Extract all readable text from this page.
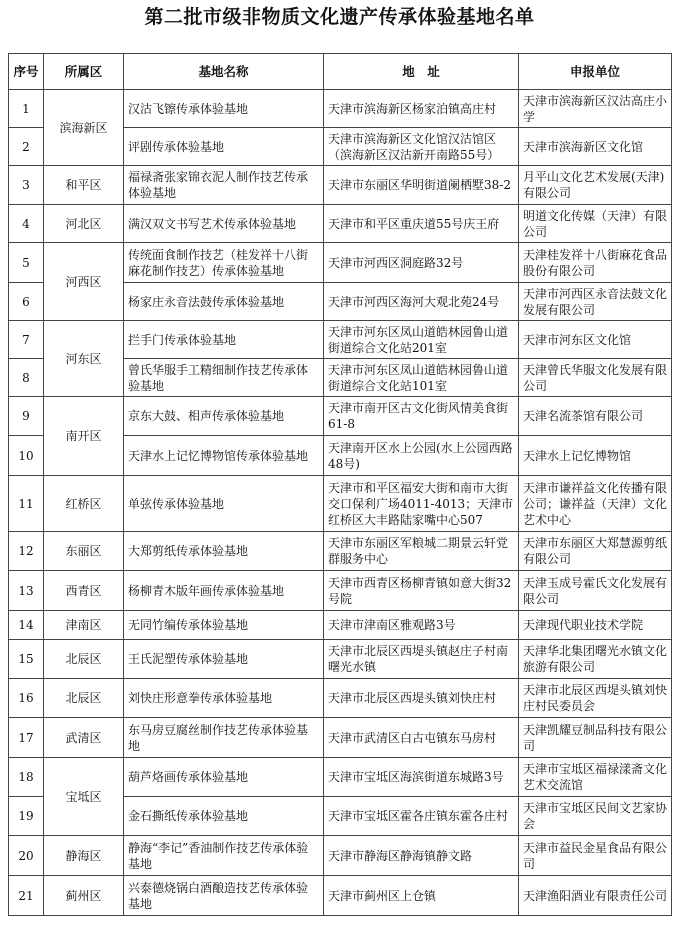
第二批市级非物质文化遗产传承体验基地名单
序号	所属区	基地名称	地　址	申报单位
1	滨海新区	汉沽飞镲传承体验基地	天津市滨海新区杨家泊镇高庄村	天津市滨海新区汉沽高庄小学
2		评剧传承体验基地	天津市滨海新区文化馆汉沽馆区（滨海新区汉沽新开南路55号）	天津市滨海新区文化馆
3	和平区	福禄斋张家锦衣泥人制作技艺传承体验基地	天津市东丽区华明街道阑栖墅38-2	月平山文化艺术发展(天津)有限公司
4	河北区	满汉双文书写艺术传承体验基地	天津市和平区重庆道55号庆王府	明道文化传媒（天津）有限公司
5	河西区	传统面食制作技艺（桂发祥十八街麻花制作技艺）传承体验基地	天津市河西区洞庭路32号	天津桂发祥十八街麻花食品股份有限公司
6		杨家庄永音法鼓传承体验基地	天津市河西区海河大观北苑24号	天津市河西区永音法鼓文化发展有限公司
7	河东区	拦手门传承体验基地	天津市河东区凤山道皓林园鲁山道街道综合文化站201室	天津市河东区文化馆
8		曾氏华服手工精细制作技艺传承体验基地	天津市河东区凤山道皓林园鲁山道街道综合文化站101室	天津曾氏华服文化发展有限公司
9	南开区	京东大鼓、相声传承体验基地	天津市南开区古文化街风情美食街61-8	天津名流茶馆有限公司
10		天津水上记忆博物馆传承体验基地	天津南开区水上公园(水上公园西路48号)	天津水上记忆博物馆
11	红桥区	单弦传承体验基地	天津市和平区福安大街和南市大街交口保利广场4011-4013；天津市红桥区大丰路陆家嘴中心507	天津市谦祥益文化传播有限公司；谦祥益（天津）文化艺术中心
12	东丽区	大郑剪纸传承体验基地	天津市东丽区军粮城二期景云轩党群服务中心	天津市东丽区大郑慧源剪纸有限公司
13	西青区	杨柳青木版年画传承体验基地	天津市西青区杨柳青镇如意大街32号院	天津玉成号霍氏文化发展有限公司
14	津南区	无同竹编传承体验基地	天津市津南区雅观路3号	天津现代职业技术学院
15	北辰区	王氏泥塑传承体验基地	天津市北辰区西堤头镇赵庄子村南曙光水镇	天津华北集团曙光水镇文化旅游有限公司
16	北辰区	刘快庄形意拳传承体验基地	天津市北辰区西堤头镇刘快庄村	天津市北辰区西堤头镇刘快庄村民委员会
17	武清区	东马房豆腐丝制作技艺传承体验基地	天津市武清区白古屯镇东马房村	天津凯耀豆制品科技有限公司
18	宝坻区	葫芦烙画传承体验基地	天津市宝坻区海滨街道东城路3号	天津市宝坻区福禄漾斋文化艺术交流馆
19		金石撕纸传承体验基地	天津市宝坻区霍各庄镇东霍各庄村	天津市宝坻区民间文艺家协会
20	静海区	静海“李记”香油制作技艺传承体验基地	天津市静海区静海镇静文路	天津市益民金星食品有限公司
21	蓟州区	兴泰德烧锅白酒酿造技艺传承体验基地	天津市蓟州区上仓镇	天津渔阳酒业有限责任公司
